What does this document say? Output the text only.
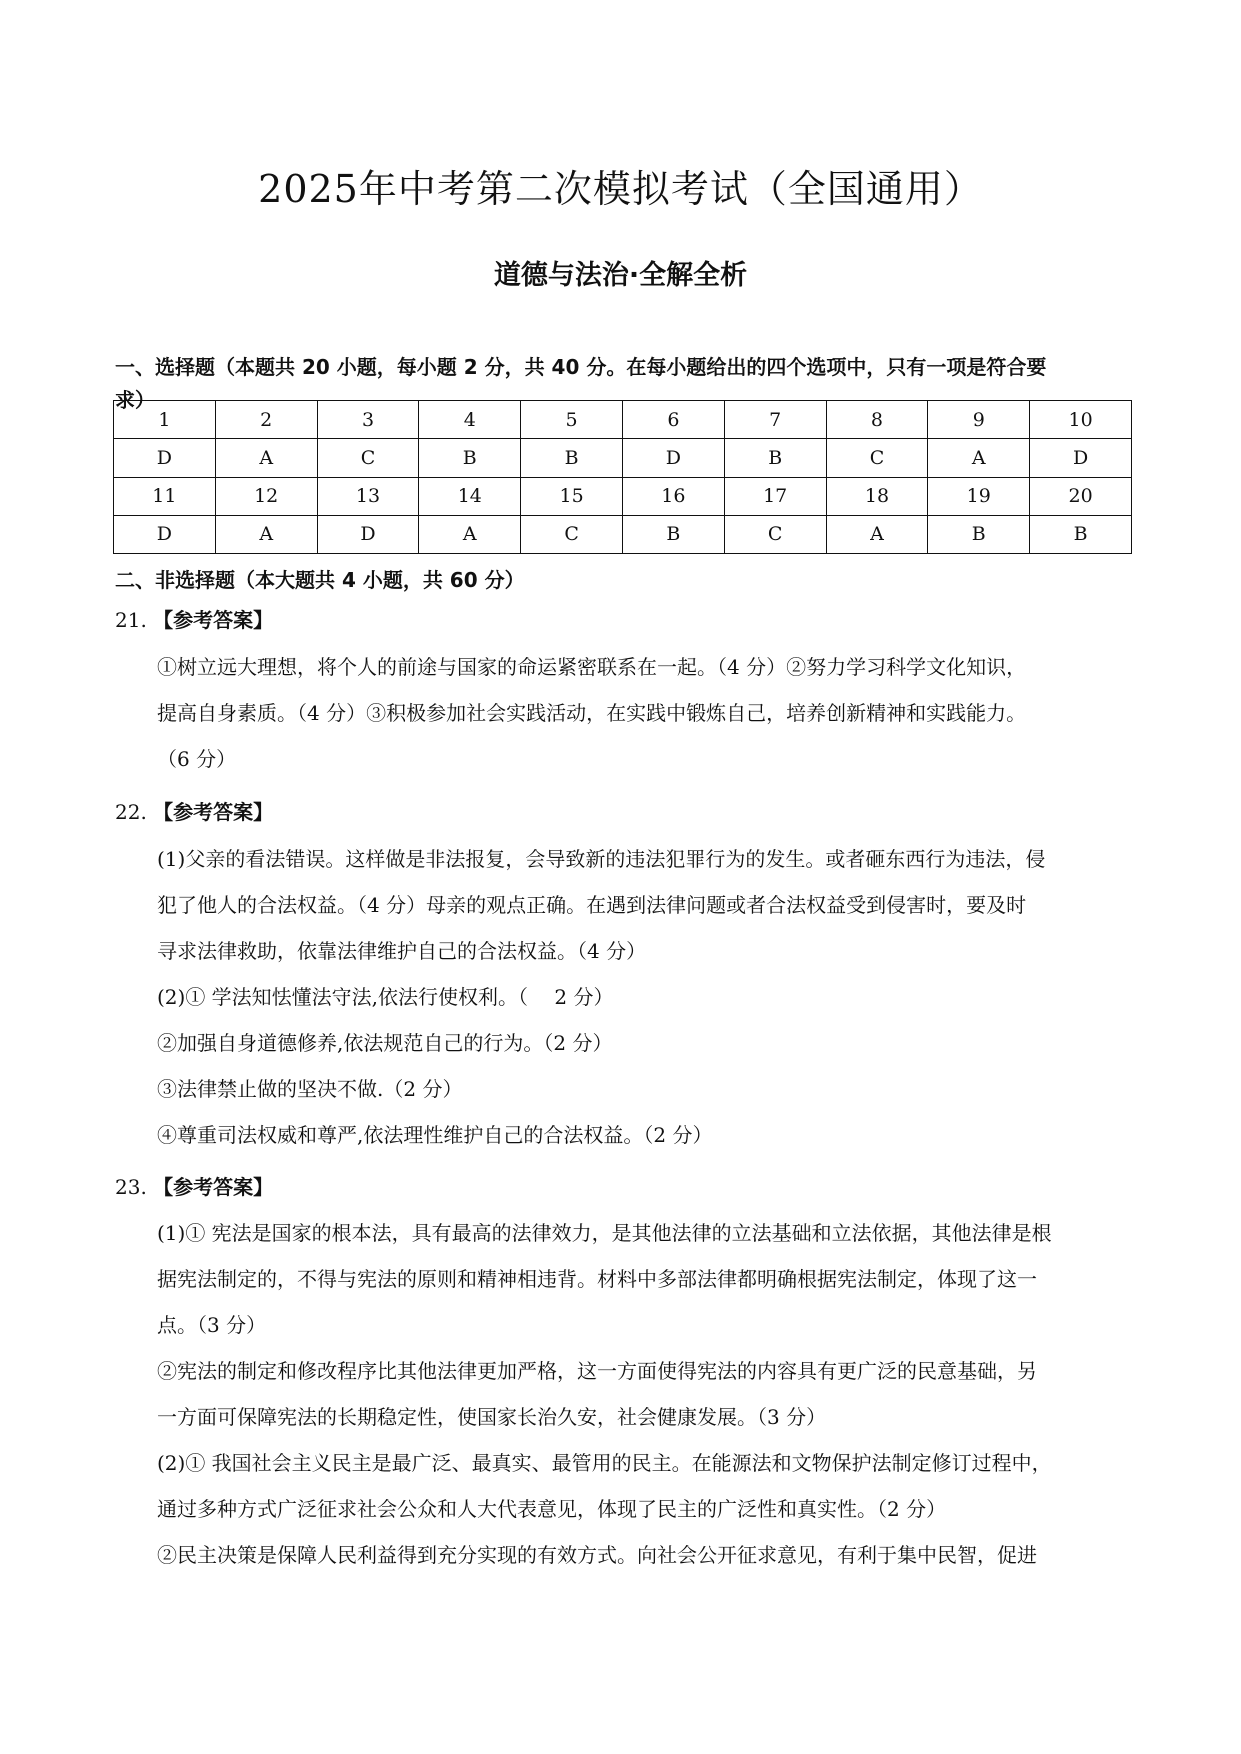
2025年中考第二次模拟考试（全国通用）
道德与法治·全解全析
一、选择题（本题共 20 小题，每小题 2 分，共 40 分。在每小题给出的四个选项中，只有一项是符合要
求）
1	2	3	4	5	6	7	8	9	10
D	A	C	B	B	D	B	C	A	D
11	12	13	14	15	16	17	18	19	20
D	A	D	A	C	B	C	A	B	B
二、非选择题（本大题共 4 小题，共 60 分）
21. 【参考答案】

①树立远大理想，将个人的前途与国家的命运紧密联系在一起。（4 分）②努力学习科学文化知识，

提高自身素质。（4 分）③积极参加社会实践活动，在实践中锻炼自己，培养创新精神和实践能力。

（6 分）

22. 【参考答案】

(1)父亲的看法错误。这样做是非法报复，会导致新的违法犯罪行为的发生。或者砸东西行为违法，侵

犯了他人的合法权益。（4 分）母亲的观点正确。在遇到法律问题或者合法权益受到侵害时，要及时

寻求法律救助，依靠法律维护自己的合法权益。（4 分）

(2)① 学法知怯懂法守法,依法行使权利。（　 2 分）

②加强自身道德修养,依法规范自己的行为。（2 分）

③法律禁止做的坚决不做.（2 分）

④尊重司法权威和尊严,依法理性维护自己的合法权益。（2 分）

23. 【参考答案】

(1)① 宪法是国家的根本法，具有最高的法律效力，是其他法律的立法基础和立法依据，其他法律是根

据宪法制定的，不得与宪法的原则和精神相违背。材料中多部法律都明确根据宪法制定，体现了这一

点。（3 分）

②宪法的制定和修改程序比其他法律更加严格，这一方面使得宪法的内容具有更广泛的民意基础，另

一方面可保障宪法的长期稳定性，使国家长治久安，社会健康发展。（3 分）

(2)① 我国社会主义民主是最广泛、最真实、最管用的民主。在能源法和文物保护法制定修订过程中，

通过多种方式广泛征求社会公众和人大代表意见，体现了民主的广泛性和真实性。（2 分）

②民主决策是保障人民利益得到充分实现的有效方式。向社会公开征求意见，有利于集中民智，促进
